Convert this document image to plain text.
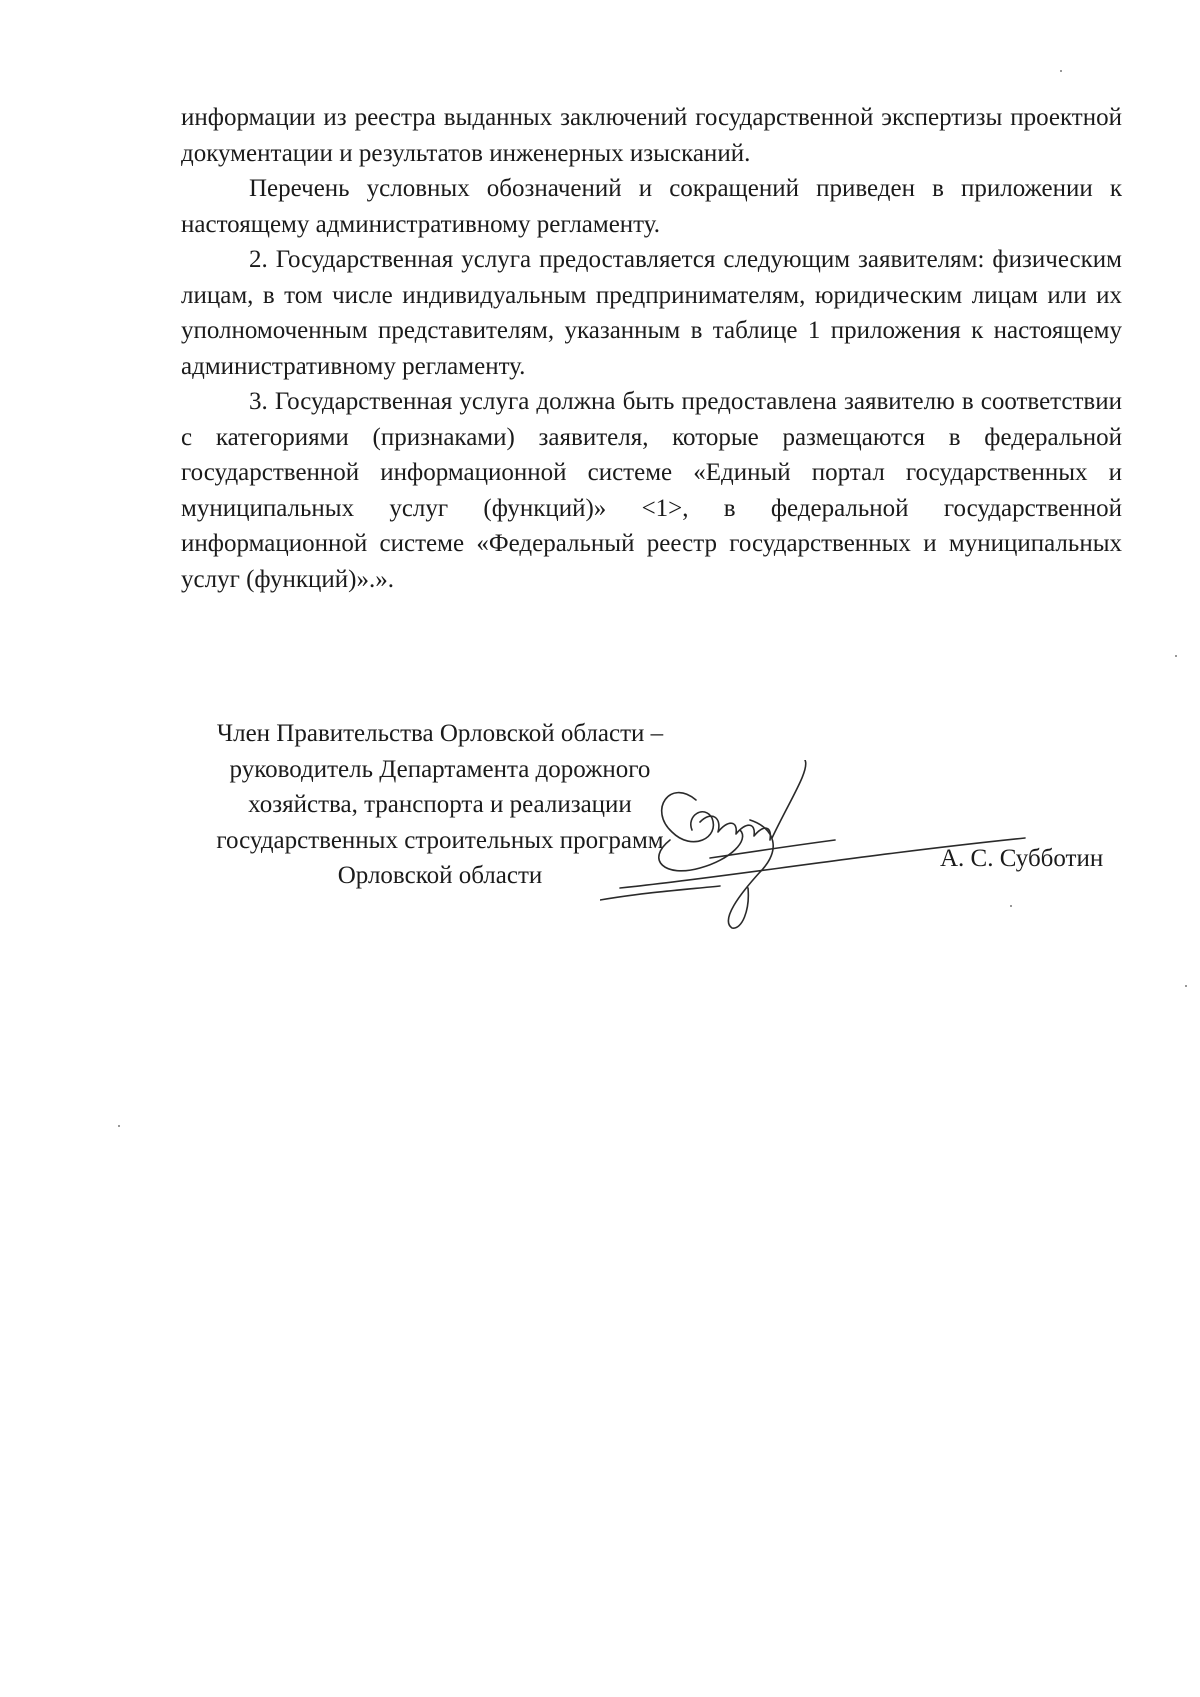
информации из реестра выданных заключений государственной экспертизы проектной документации и результатов инженерных изысканий.

Перечень условных обозначений и сокращений приведен в приложении к настоящему административному регламенту.

2. Государственная услуга предоставляется следующим заявителям: физическим лицам, в том числе индивидуальным предпринимателям, юридическим лицам или их уполномоченным представителям, указанным в таблице 1 приложения к настоящему административному регламенту.

3. Государственная услуга должна быть предоставлена заявителю в соответствии с категориями (признаками) заявителя, которые размещаются в федеральной государственной информационной системе «Единый портал государственных и муниципальных услуг (функций)» <1>, в федеральной государственной информационной системе «Федеральный реестр государственных и муниципальных услуг (функций)».».

Член Правительства Орловской области –
руководитель Департамента дорожного
хозяйства, транспорта и реализации
государственных строительных программ
Орловской области
А. С. Субботин
